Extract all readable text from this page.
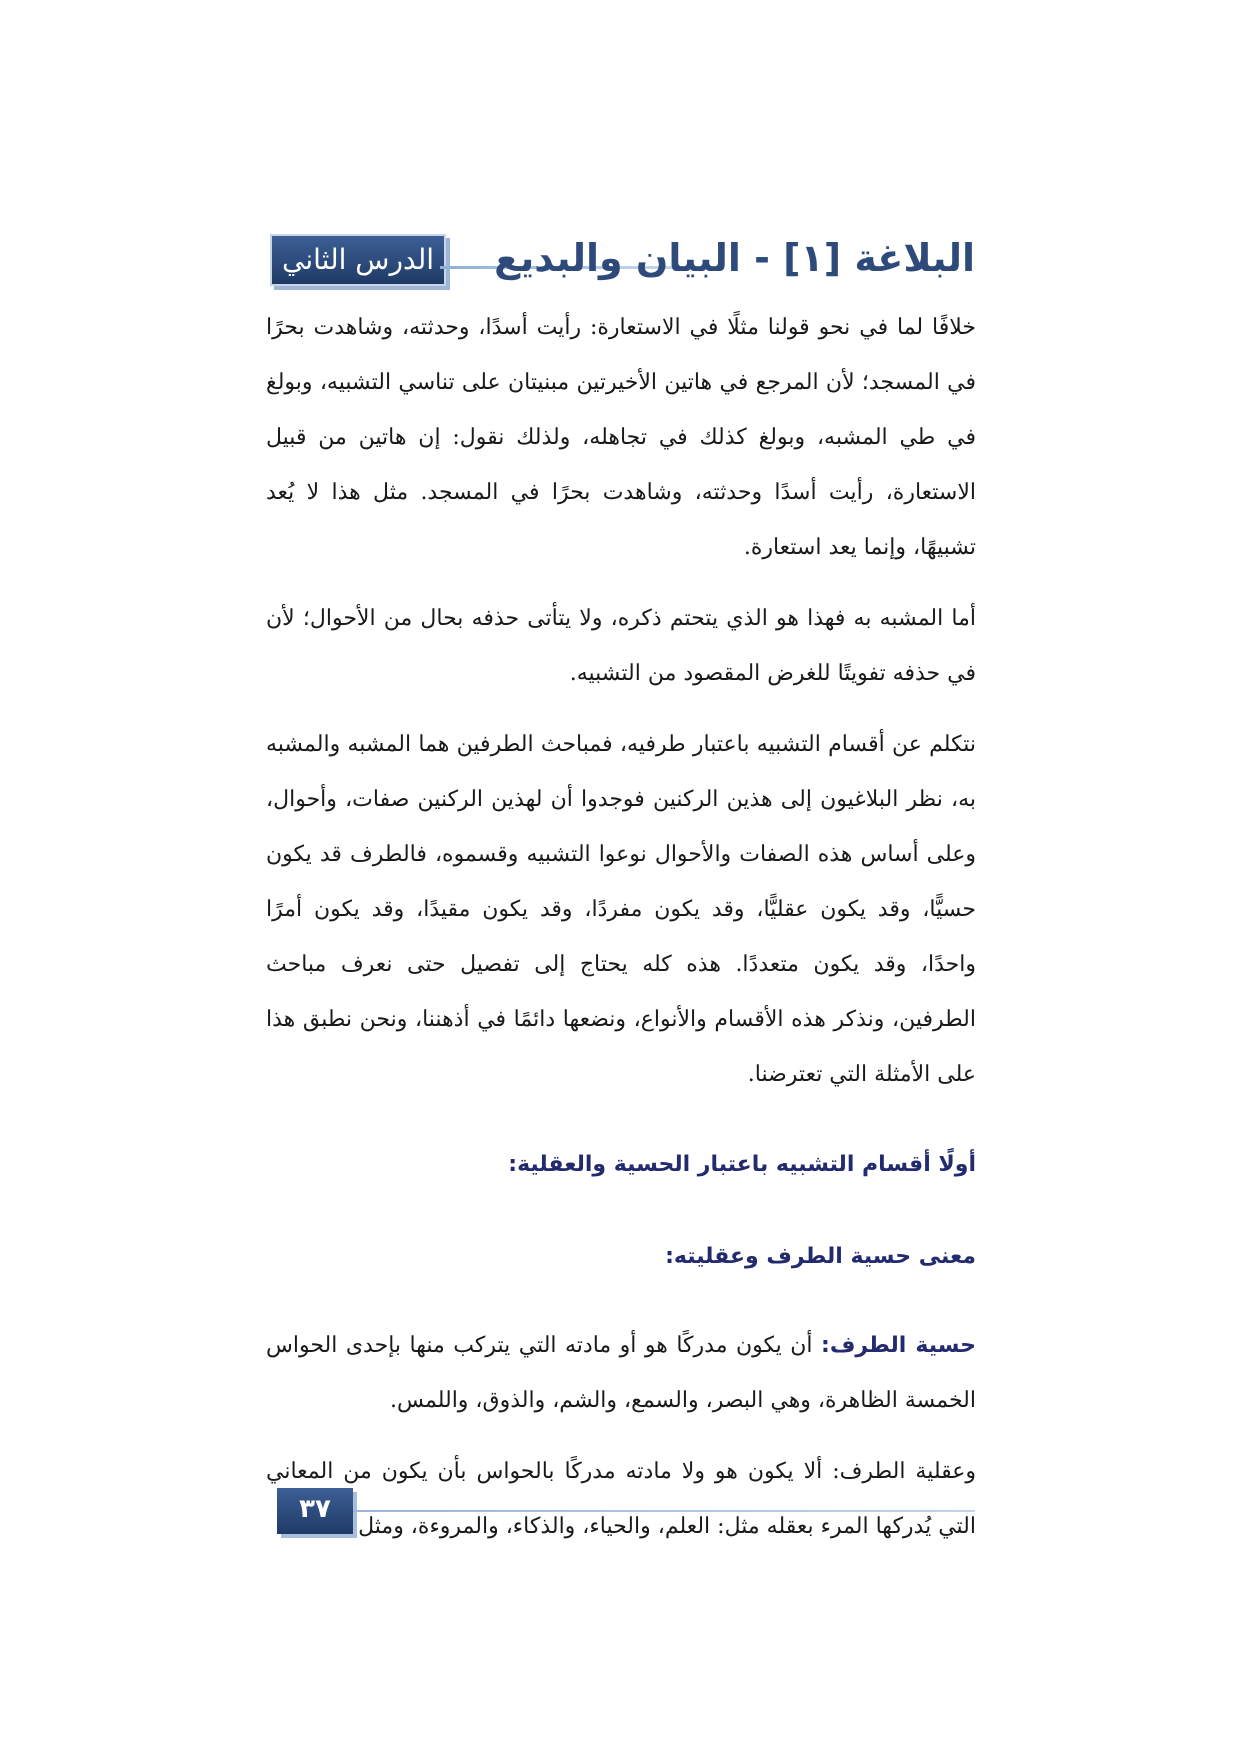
الدرس الثاني البلاغة [١] - البيان والبديع

خلافًا لما في نحو قولنا مثلًا في الاستعارة: رأيت أسدًا، وحدثته، وشاهدت بحرًا في المسجد؛ لأن المرجع في هاتين الأخيرتين مبنيتان على تناسي التشبيه، وبولغ في طي المشبه، وبولغ كذلك في تجاهله، ولذلك نقول: إن هاتين من قبيل الاستعارة، رأيت أسدًا وحدثته، وشاهدت بحرًا في المسجد. مثل هذا لا يُعد تشبيهًا، وإنما يعد استعارة.

أما المشبه به فهذا هو الذي يتحتم ذكره، ولا يتأتى حذفه بحال من الأحوال؛ لأن في حذفه تفويتًا للغرض المقصود من التشبيه.

نتكلم عن أقسام التشبيه باعتبار طرفيه، فمباحث الطرفين هما المشبه والمشبه به، نظر البلاغيون إلى هذين الركنين فوجدوا أن لهذين الركنين صفات، وأحوال، وعلى أساس هذه الصفات والأحوال نوعوا التشبيه وقسموه، فالطرف قد يكون حسيًّا، وقد يكون عقليًّا، وقد يكون مفردًا، وقد يكون مقيدًا، وقد يكون أمرًا واحدًا، وقد يكون متعددًا. هذه كله يحتاج إلى تفصيل حتى نعرف مباحث الطرفين، ونذكر هذه الأقسام والأنواع، ونضعها دائمًا في أذهننا، ونحن نطبق هذا على الأمثلة التي تعترضنا.

أولًا أقسام التشبيه باعتبار الحسية والعقلية:

معنى حسية الطرف وعقليته:

حسية الطرف: أن يكون مدركًا هو أو مادته التي يتركب منها بإحدى الحواس الخمسة الظاهرة، وهي البصر، والسمع، والشم، والذوق، واللمس.

وعقلية الطرف: ألا يكون هو ولا مادته مدركًا بالحواس بأن يكون من المعاني التي يُدركها المرء بعقله مثل: العلم، والحياء، والذكاء، والمروءة، ومثل

٣٧
